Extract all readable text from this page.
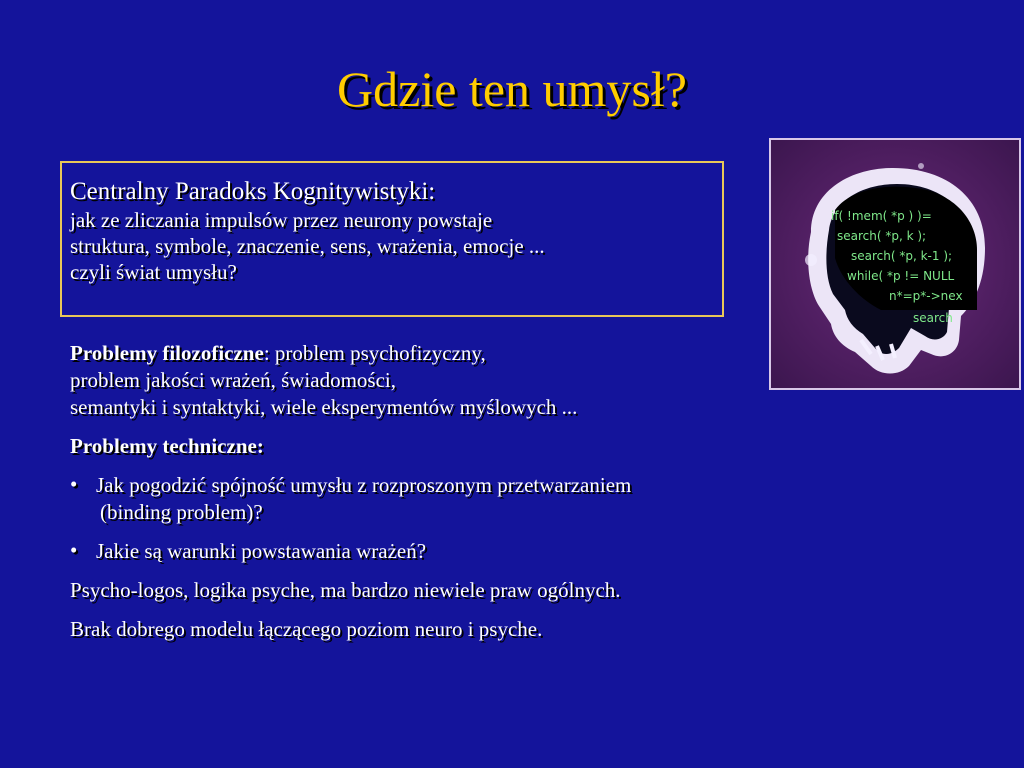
Gdzie ten umysł?
Centralny Paradoks Kognitywistyki:
jak ze zliczania impulsów przez neurony powstaje
struktura, symbole, znaczenie, sens, wrażenia, emocje ...
czyli świat umysłu?
if( !mem( *p ) )=
search( *p, k );
search( *p, k-1 );
while( *p != NULL
n*=p*->nex
search
Problemy filozoficzne: problem psychofizyczny,
problem jakości wrażeń, świadomości,
semantyki i syntaktyki, wiele eksperymentów myślowych ...
Problemy techniczne:
• Jak pogodzić spójność umysłu z rozproszonym przetwarzaniem
(binding problem)?
• Jakie są warunki powstawania wrażeń?
Psycho-logos, logika psyche, ma bardzo niewiele praw ogólnych.
Brak dobrego modelu łączącego poziom neuro i psyche.
